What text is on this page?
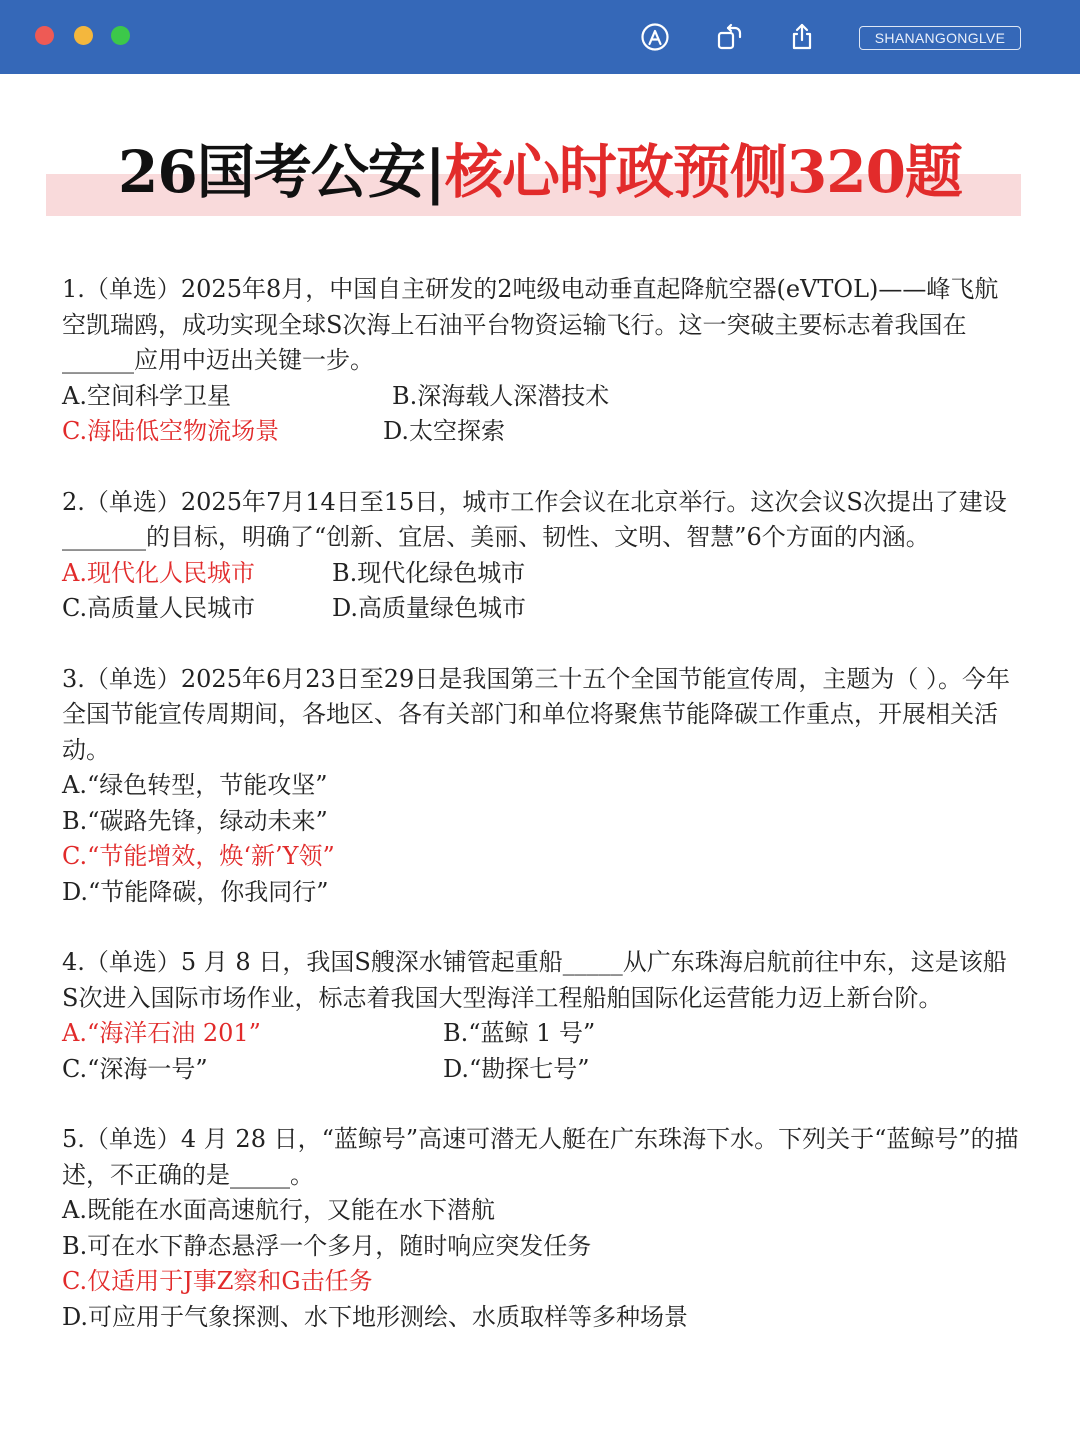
SHANANGONGLVE
26国考公安|核心时政预侧320题

1.（单选）2025年8月，中国自主研发的2吨级电动垂直起降航空器(eVTOL)——峰飞航空凯瑞鸥，成功实现全球S次海上石油平台物资运输飞行。这一突破主要标志着我国在______应用中迈出关键一步。

A.空间科学卫星	B.深海载人深潜技术
C.海陆低空物流场景	D.太空探索

2.（单选）2025年7月14日至15日，城市工作会议在北京举行。这次会议S次提出了建设_______的目标，明确了“创新、宜居、美丽、韧性、文明、智慧”6个方面的内涵。

A.现代化人民城市	B.现代化绿色城市
C.高质量人民城市	D.高质量绿色城市

3.（单选）2025年6月23日至29日是我国第三十五个全国节能宣传周，主题为（ ）。今年全国节能宣传周期间，各地区、各有关部门和单位将聚焦节能降碳工作重点，开展相关活动。

A.“绿色转型，节能攻坚”
B.“碳路先锋，绿动未来”
C.“节能增效，焕‘新’Y领”
D.“节能降碳，你我同行”

4.（单选）5 月 8 日，我国S艘深水铺管起重船_____从广东珠海启航前往中东，这是该船S次进入国际市场作业，标志着我国大型海洋工程船舶国际化运营能力迈上新台阶。

A.“海洋石油 201”	B.“蓝鲸 1 号”
C.“深海一号”	D.“勘探七号”

5.（单选）4 月 28 日，“蓝鲸号”高速可潜无人艇在广东珠海下水。下列关于“蓝鲸号”的描述，不正确的是_____。

A.既能在水面高速航行，又能在水下潜航
B.可在水下静态悬浮一个多月，随时响应突发任务
C.仅适用于J事Z察和G击任务
D.可应用于气象探测、水下地形测绘、水质取样等多种场景
